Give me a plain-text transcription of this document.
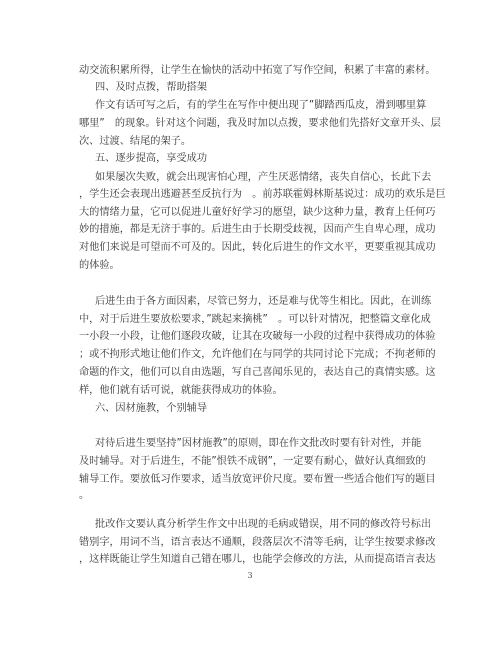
动交流积累所得，让学生在愉快的活动中拓宽了写作空间，积累了丰富的素材。
四、及时点拨，帮助搭架
作文有话可写之后，有的学生在写作中便出现了”脚踏西瓜皮，滑到哪里算
哪里”　的现象。针对这个问题，我及时加以点拨，要求他们先搭好文章开头、层
次、过渡、结尾的架子。
五、逐步提高，享受成功
如果屡次失败，就会出现害怕心理，产生厌恶情绪，丧失自信心，长此下去
，学生还会表现出逃避甚至反抗行为　。前苏联霍姆林斯基说过：成功的欢乐是巨
大的情绪力量，它可以促进儿童好好学习的愿望，缺少这种力量，教育上任何巧
妙的措施，都是无济于事的。后进生由于长期受歧视，因而产生自卑心理，成功
对他们来说是可望而不可及的。因此，转化后进生的作文水平，更要重视其成功
的体验。
后进生由于各方面因素，尽管已努力，还是难与优等生相比。因此，在训练
中，对于后进生要放松要求，”跳起来摘桃”　。可以针对情况，把整篇文章化成
一小段一小段，让他们逐段攻破，让其在攻破每一小段的过程中获得成功的体验
；或不拘形式地让他们作文，允许他们在与同学的共同讨论下完成；不拘老师的
命题的作文，他们可以自由选题，写自己喜闻乐见的，表达自己的真情实感。这
样，他们就有话可说，就能获得成功的体验。
六、因材施教，个别辅导
对待后进生要坚持”因材施教”的原则，即在作文批改时要有针对性，并能
及时辅导。对于后进生，不能”恨铁不成钢”，一定要有耐心，做好认真细致的
辅导工作。要放低习作要求，适当放宽评价尺度。要布置一些适合他们写的题目
。
批改作文要认真分析学生作文中出现的毛病或错误，用不同的修改符号标出
错别字，用词不当，语言表达不通顺，段落层次不清等毛病，让学生按要求修改
，这样既能让学生知道自己错在哪儿，也能学会修改的方法，从而提高语言表达
3
